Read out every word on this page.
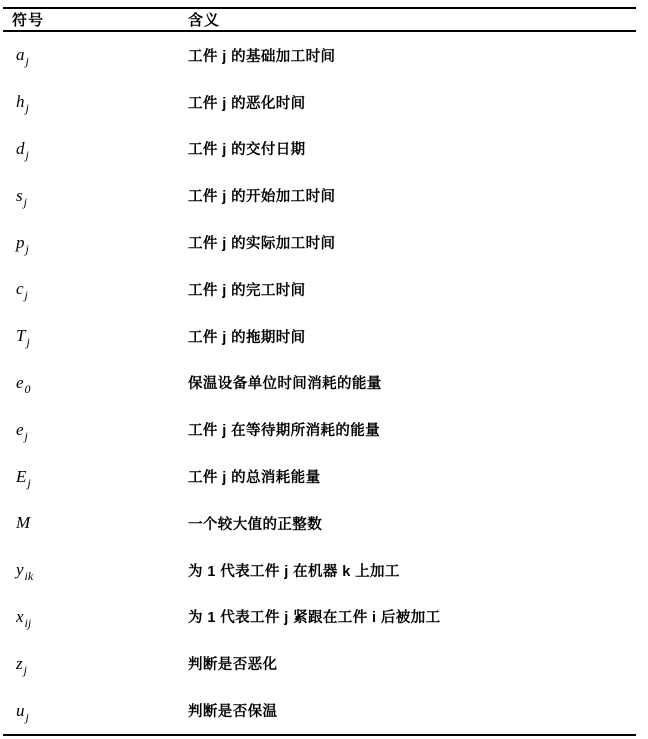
符号	含义
$a_j$	工件 j 的基础加工时间
$h_j$	工件 j 的恶化时间
$d_j$	工件 j 的交付日期
$s_j$	工件 j 的开始加工时间
$p_j$	工件 j 的实际加工时间
$c_j$	工件 j 的完工时间
$T_j$	工件 j 的拖期时间
$e_0$	保温设备单位时间消耗的能量
$e_j$	工件 j 在等待期所消耗的能量
$E_j$	工件 j 的总消耗能量
M	一个较大值的正整数
$y_{ik}$	为 1 代表工件 j 在机器 k 上加工
$x_{ij}$	为 1 代表工件 j 紧跟在工件 i 后被加工
$z_j$	判断是否恶化
$u_j$	判断是否保温
